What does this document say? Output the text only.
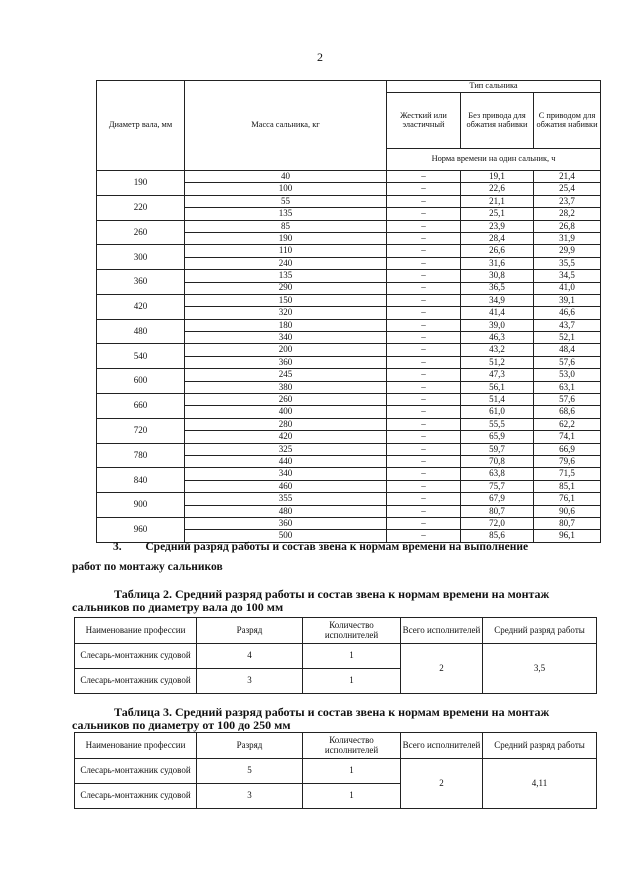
2
Диаметр вала, мм	Масса сальника, кг	Тип сальника		
		Жесткий или эластичный	Без привода для обжатия набивки	С приводом для обжатия набивки
		Норма времени на один сальник, ч		
190	40	–	19,1	21,4
	100	–	22,6	25,4
220	55	–	21,1	23,7
	135	–	25,1	28,2
260	85	–	23,9	26,8
	190	–	28,4	31,9
300	110	–	26,6	29,9
	240	–	31,6	35,5
360	135	–	30,8	34,5
	290	–	36,5	41,0
420	150	–	34,9	39,1
	320	–	41,4	46,6
480	180	–	39,0	43,7
	340	–	46,3	52,1
540	200	–	43,2	48,4
	360	–	51,2	57,6
600	245	–	47,3	53,0
	380	–	56,1	63,1
660	260	–	51,4	57,6
	400	–	61,0	68,6
720	280	–	55,5	62,2
	420	–	65,9	74,1
780	325	–	59,7	66,9
	440	–	70,8	79,6
840	340	–	63,8	71,5
	460	–	75,7	85,1
900	355	–	67,9	76,1
	480	–	80,7	90,6
960	360	–	72,0	80,7
	500	–	85,6	96,1
3. Средний разряд работы и состав звена к нормам времени на выполнение
работ по монтажу сальников
Таблица 2. Средний разряд работы и состав звена к нормам времени на монтаж
сальников по диаметру вала до 100 мм
Наименование профессии	Разряд	Количество исполнителей	Всего исполнителей	Средний разряд работы
Слесарь-монтажник судовой	4	1	2	3,5
Слесарь-монтажник судовой	3	1		
Таблица 3. Средний разряд работы и состав звена к нормам времени на монтаж
сальников по диаметру от 100 до 250 мм
Наименование профессии	Разряд	Количество исполнителей	Всего исполнителей	Средний разряд работы
Слесарь-монтажник судовой	5	1	2	4,11
Слесарь-монтажник судовой	3	1		
